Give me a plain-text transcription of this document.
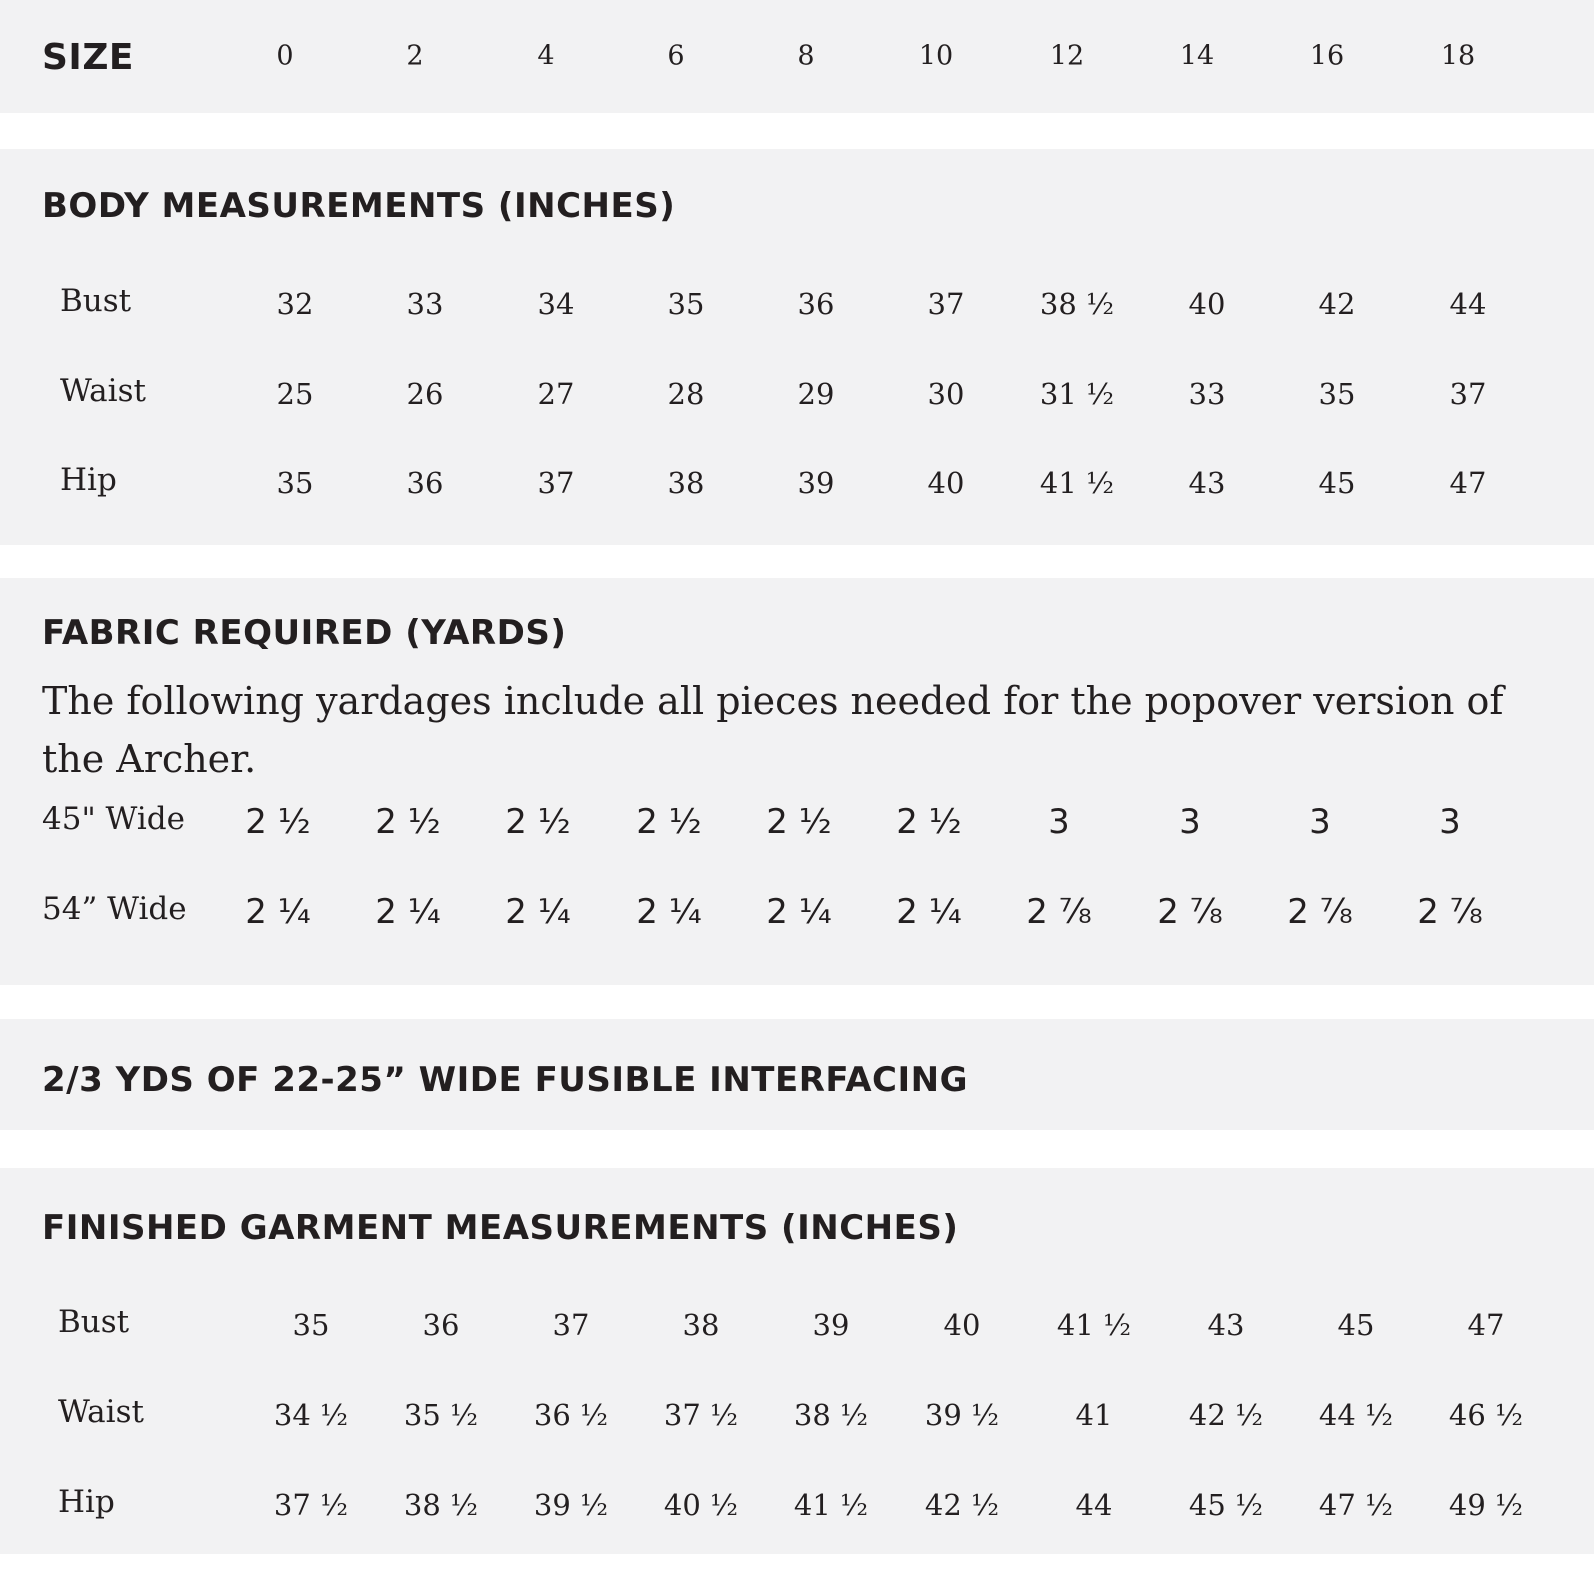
SIZE	0	2	4	6	8	10	12	14	16	18
BODY MEASUREMENTS (INCHES)
Bust	32	33	34	35	36	37	38 ½	40	42	44
Waist	25	26	27	28	29	30	31 ½	33	35	37
Hip	35	36	37	38	39	40	41 ½	43	45	47
FABRIC REQUIRED (YARDS)

The following yardages include all pieces needed for the popover version of the Archer.

45" Wide	2 ½	2 ½	2 ½	2 ½	2 ½	2 ½	3	3	3	3
54” Wide	2 ¼	2 ¼	2 ¼	2 ¼	2 ¼	2 ¼	2 ⅞	2 ⅞	2 ⅞	2 ⅞
2/3 YDS OF 22-25” WIDE FUSIBLE INTERFACING
FINISHED GARMENT MEASUREMENTS (INCHES)
Bust	35	36	37	38	39	40	41 ½	43	45	47
Waist	34 ½	35 ½	36 ½	37 ½	38 ½	39 ½	41	42 ½	44 ½	46 ½
Hip	37 ½	38 ½	39 ½	40 ½	41 ½	42 ½	44	45 ½	47 ½	49 ½
